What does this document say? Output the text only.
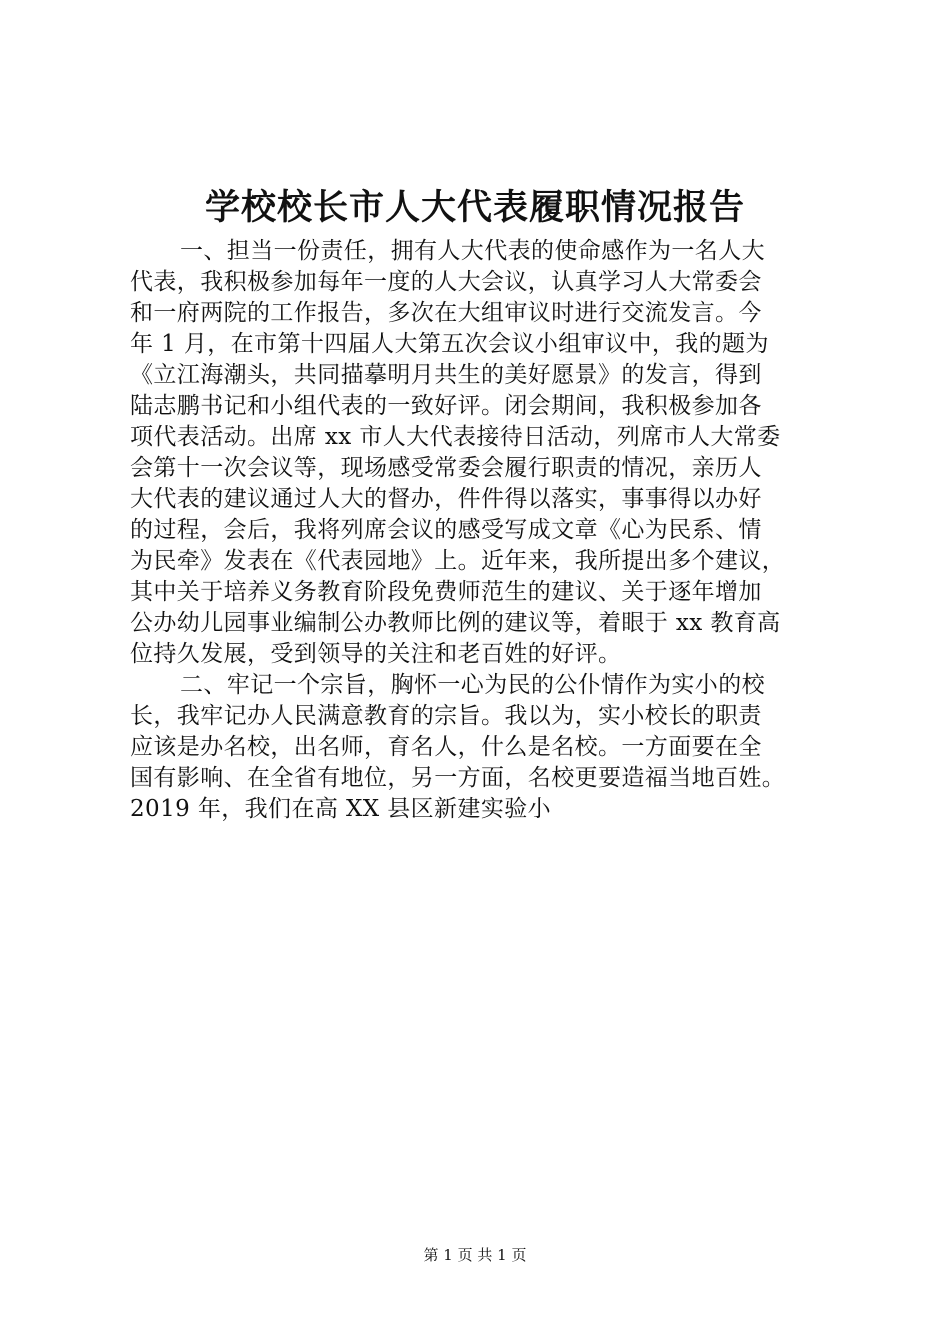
学校校长市人大代表履职情况报告
一、担当一份责任，拥有人大代表的使命感作为一名人大
代表，我积极参加每年一度的人大会议，认真学习人大常委会
和一府两院的工作报告，多次在大组审议时进行交流发言。今
年 1 月，在市第十四届人大第五次会议小组审议中，我的题为
《立江海潮头，共同描摹明月共生的美好愿景》的发言，得到
陆志鹏书记和小组代表的一致好评。闭会期间，我积极参加各
项代表活动。出席 xx 市人大代表接待日活动，列席市人大常委
会第十一次会议等，现场感受常委会履行职责的情况，亲历人
大代表的建议通过人大的督办，件件得以落实，事事得以办好
的过程，会后，我将列席会议的感受写成文章《心为民系、情
为民牵》发表在《代表园地》上。近年来，我所提出多个建议，
其中关于培养义务教育阶段免费师范生的建议、关于逐年增加
公办幼儿园事业编制公办教师比例的建议等，着眼于 xx 教育高
位持久发展，受到领导的关注和老百姓的好评。
二、牢记一个宗旨，胸怀一心为民的公仆情作为实小的校
长，我牢记办人民满意教育的宗旨。我以为，实小校长的职责
应该是办名校，出名师，育名人，什么是名校。一方面要在全
国有影响、在全省有地位，另一方面，名校更要造福当地百姓。
2019 年，我们在高 XX 县区新建实验小
第 1 页 共 1 页
